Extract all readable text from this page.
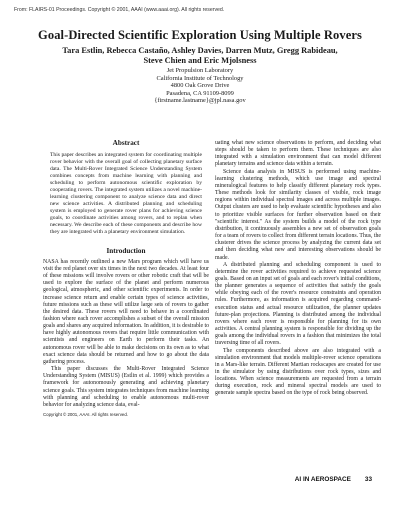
From: FLAIRS-01 Proceedings. Copyright © 2001, AAAI (www.aaai.org). All rights reserved.
Goal-Directed Scientific Exploration Using Multiple Rovers
Tara Estlin, Rebecca Castaño, Ashley Davies, Darren Mutz, Gregg Rabideau,
Steve Chien and Eric Mjolsness
Jet Propulsion Laboratory
California Institute of Technology
4800 Oak Grove Drive
Pasadena, CA 91109-8099
{firstname.lastname}@jpl.nasa.gov
Abstract
This paper describes an integrated system for coordinating multiple rover behavior with the overall goal of collecting planetary surface data. The Multi-Rover Integrated Science Understanding System combines concepts from machine learning with planning and scheduling to perform autonomous scientific exploration by cooperating rovers. The integrated system utilizes a novel machine-learning clustering component to analyze science data and direct new science activities. A distributed planning and scheduling system is employed to generate rover plans for achieving science goals, to coordinate activities among rovers, and to replan when necessary. We describe each of these components and describe how they are integrated with a planetary environment simulation.
Introduction

NASA has recently outlined a new Mars program which will have us visit the red planet over six times in the next two decades. At least four of these missions will involve rovers or other robotic craft that will be used to explore the surface of the planet and perform numerous geological, atmospheric, and other scientific experiments. In order to increase science return and enable certain types of science activities, future missions such as these will utilize large sets of rovers to gather the desired data. These rovers will need to behave in a coordinated fashion where each rover accomplishes a subset of the overall mission goals and shares any acquired information. In addition, it is desirable to have highly autonomous rovers that require little communication with scientists and engineers on Earth to perform their tasks. An autonomous rover will be able to make decisions on its own as to what exact science data should be returned and how to go about the data gathering process.

This paper discusses the Multi-Rover Integrated Science Understanding System (MISUS) (Estlin et al. 1999) which provides a framework for autonomously generating and achieving planetary science goals. This system integrates techniques from machine learning with planning and scheduling to enable autonomous multi-rover behavior for analyzing science data, eval-

Copyright © 2001, AAAI. All rights reserved.

uating what new science observations to perform, and deciding what steps should be taken to perform them. These techniques are also integrated with a simulation environment that can model different planetary terrains and science data within a terrain.

Science data analysis in MISUS is performed using machine-learning clustering methods, which use image and spectral mineralogical features to help classify different planetary rock types. These methods look for similarity classes of visible, rock image regions within individual spectral images and across multiple images. Output clusters are used to help evaluate scientific hypotheses and also to prioritize visible surfaces for further observation based on their "scientific interest." As the system builds a model of the rock type distribution, it continuously assembles a new set of observation goals for a team of rovers to collect from different terrain locations. Thus, the clusterer drives the science process by analyzing the current data set and then deciding what new and interesting observations should be made.

A distributed planning and scheduling component is used to determine the rover activities required to achieve requested science goals. Based on an input set of goals and each rover's initial conditions, the planner generates a sequence of activities that satisfy the goals while obeying each of the rover's resource constraints and operation rules. Furthermore, as information is acquired regarding command-execution status and actual resource utilization, the planner updates future-plan projections. Planning is distributed among the individual rovers where each rover is responsible for planning for its own activities. A central planning system is responsible for dividing up the goals among the individual rovers in a fashion that minimizes the total traversing time of all rovers.

The components described above are also integrated with a simulation environment that models multiple-rover science operations in a Mars-like terrain. Different Martian rockscapes are created for use in the simulator by using distributions over rock types, sizes and locations. When science measurements are requested from a terrain during execution, rock and mineral spectral models are used to generate sample spectra based on the type of rock being observed.

AI IN AEROSPACE 33
